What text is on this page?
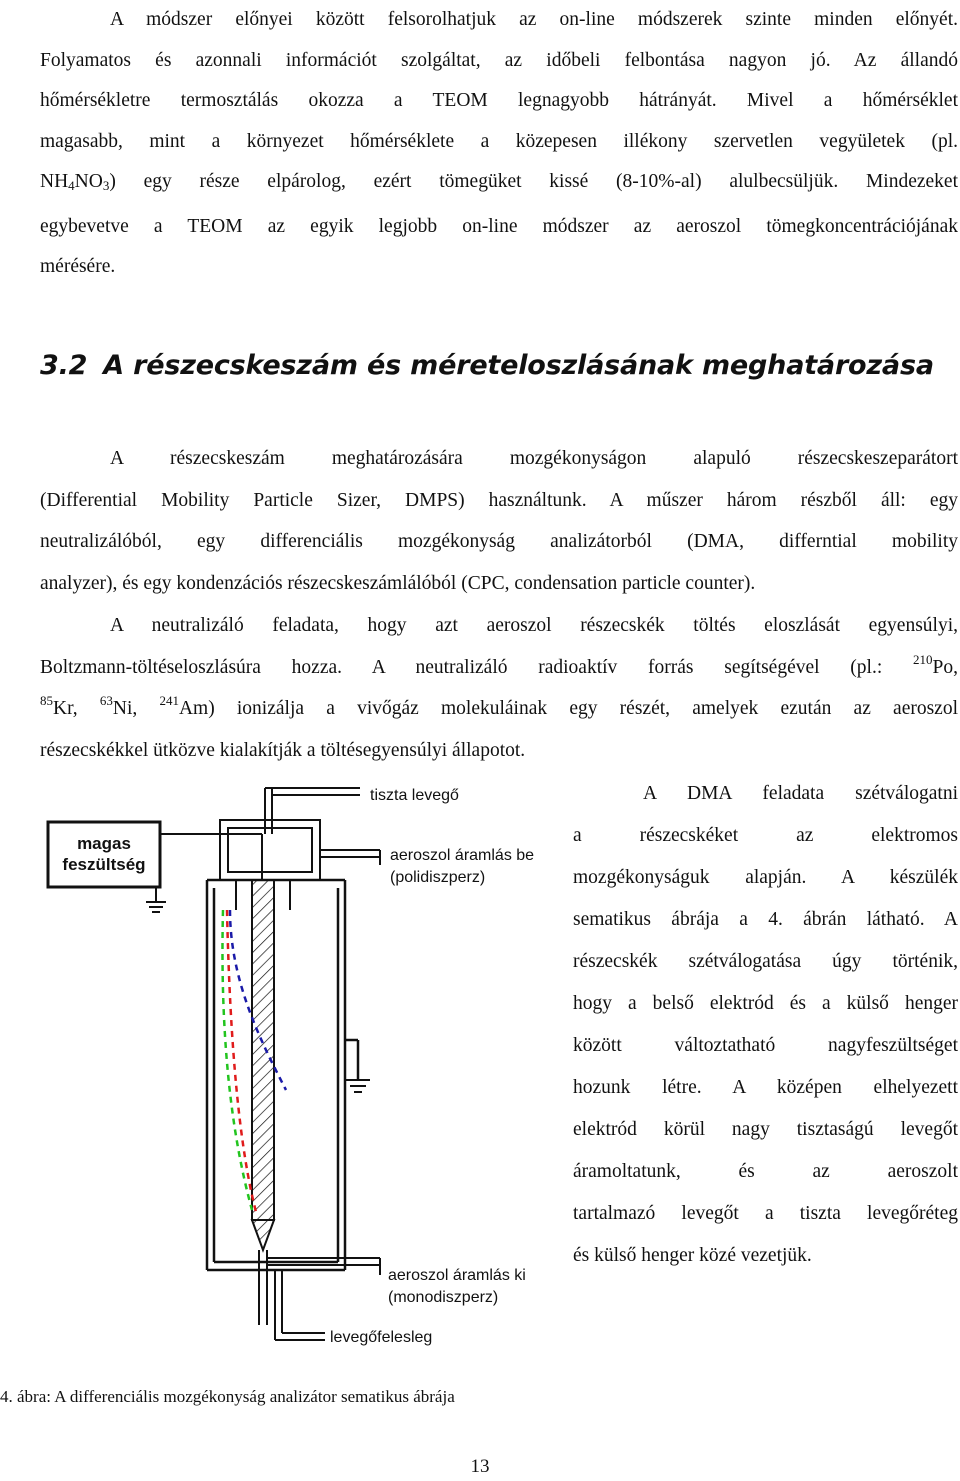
A módszer előnyei között felsorolhatjuk az on-line módszerek szinte minden előnyét.
Folyamatos és azonnali információt szolgáltat, az időbeli felbontása nagyon jó. Az állandó
hőmérsékletre termosztálás okozza a TEOM legnagyobb hátrányát. Mivel a hőmérséklet
magasabb, mint a környezet hőmérséklete a közepesen illékony szervetlen vegyületek (pl.
$NH_4NO_3$) egy része elpárolog, ezért tömegüket kissé (8-10%-al) alulbecsüljük. Mindezeket
egybevetve a TEOM az egyik legjobb on-line módszer az aeroszol tömegkoncentrációjának
mérésére.

3.2 A részecskeszám és méreteloszlásának meghatározása

A részecskeszám meghatározására mozgékonyságon alapuló részecskeszeparátort
(Differential Mobility Particle Sizer, DMPS) használtunk. A műszer három részből áll: egy
neutralizálóból, egy differenciális mozgékonyság analizátorból (DMA, differntial mobility
analyzer), és egy kondenzációs részecskeszámlálóból (CPC, condensation particle counter).

A neutralizáló feladata, hogy azt aeroszol részecskék töltés eloszlását egyensúlyi,
Boltzmann-töltéseloszlásúra hozza. A neutralizáló radioaktív forrás segítségével (pl.: $^{210}$Po,
$^{85}$Kr, $^{63}$Ni, $^{241}$Am) ionizálja a vivőgáz molekuláinak egy részét, amelyek ezután az aeroszol
részecskékkel ütközve kialakítják a töltésegyensúlyi állapotot.

A DMA feladata szétválogatni
a részecskéket az elektromos
mozgékonyságuk alapján. A készülék
sematikus ábrája a 4. ábrán látható. A
részecskék szétválogatása úgy történik,
hogy a belső elektród és a külső henger
között változtatható nagyfeszültséget
hozunk létre. A középen elhelyezett
elektród körül nagy tisztaságú levegőt
áramoltatunk, és az aeroszolt
tartalmazó levegőt a tiszta levegőréteg
és külső henger közé vezetjük.

magas
feszültség
tiszta levegő
aeroszol áramlás be
(polidiszperz)
aeroszol áramlás ki
(monodiszperz)
levegőfelesleg

4. ábra: A differenciális mozgékonyság analizátor sematikus ábrája

13
